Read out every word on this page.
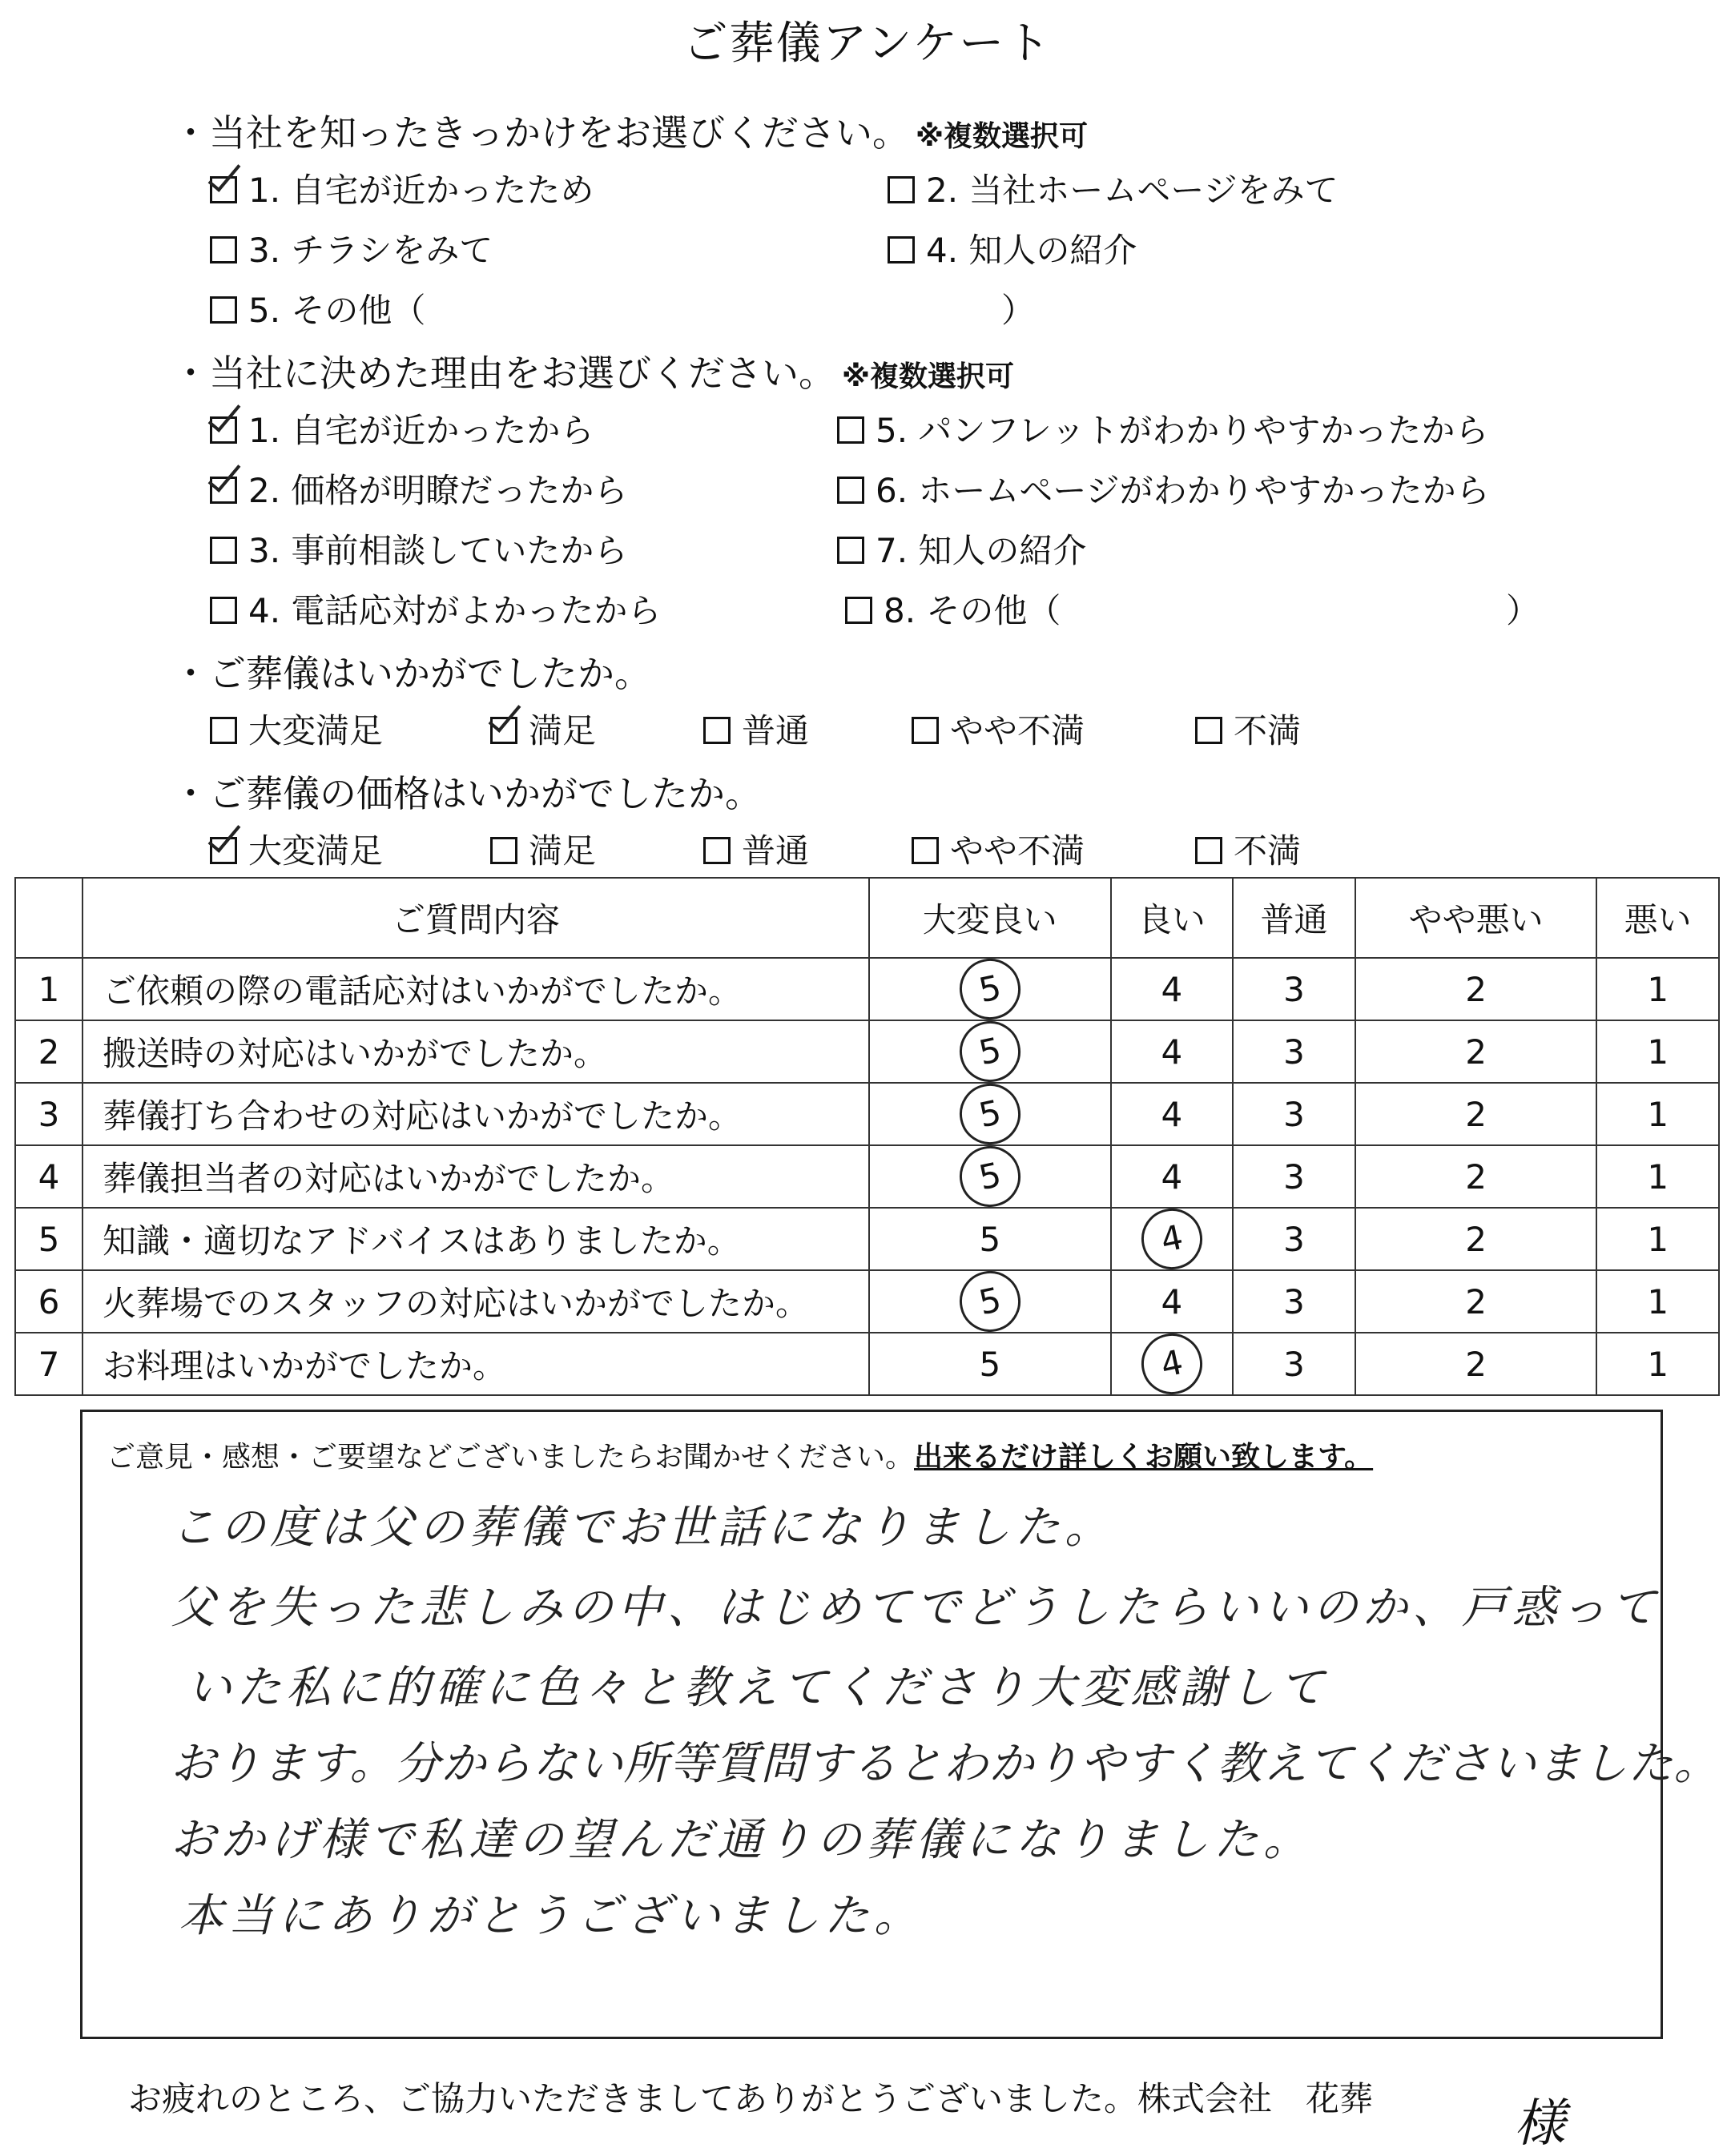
ご葬儀アンケート
・当社を知ったきっかけをお選びください。 ※複数選択可
1. 自宅が近かったため	2. 当社ホームページをみて
3. チラシをみて	4. 知人の紹介
5. その他（	）
・当社に決めた理由をお選びください。 ※複数選択可
1. 自宅が近かったから	5. パンフレットがわかりやすかったから
2. 価格が明瞭だったから	6. ホームページがわかりやすかったから
3. 事前相談していたから	7. 知人の紹介
4. 電話応対がよかったから	8. その他（	）
・ご葬儀はいかがでしたか。
大変満足	満足	普通	やや不満	不満
・ご葬儀の価格はいかがでしたか。
大変満足	満足	普通	やや不満	不満
	ご質問内容	大変良い	良い	普通	やや悪い	悪い
1	ご依頼の際の電話応対はいかがでしたか。	5	4	3	2	1
2	搬送時の対応はいかがでしたか。	5	4	3	2	1
3	葬儀打ち合わせの対応はいかがでしたか。	5	4	3	2	1
4	葬儀担当者の対応はいかがでしたか。	5	4	3	2	1
5	知識・適切なアドバイスはありましたか。	5	4	3	2	1
6	火葬場でのスタッフの対応はいかがでしたか。	5	4	3	2	1
7	お料理はいかがでしたか。	5	4	3	2	1
ご意見・感想・ご要望などございましたらお聞かせください。出来るだけ詳しくお願い致します。
この度は父の葬儀でお世話になりました。
父を失った悲しみの中、はじめてでどうしたらいいのか、戸惑って
いた私に的確に色々と教えてくださり大変感謝して
おります。分からない所等質問するとわかりやすく教えてくださいました。
おかげ様で私達の望んだ通りの葬儀になりました。
本当にありがとうございました。
お疲れのところ、ご協力いただきましてありがとうございました。株式会社　花葬	様
